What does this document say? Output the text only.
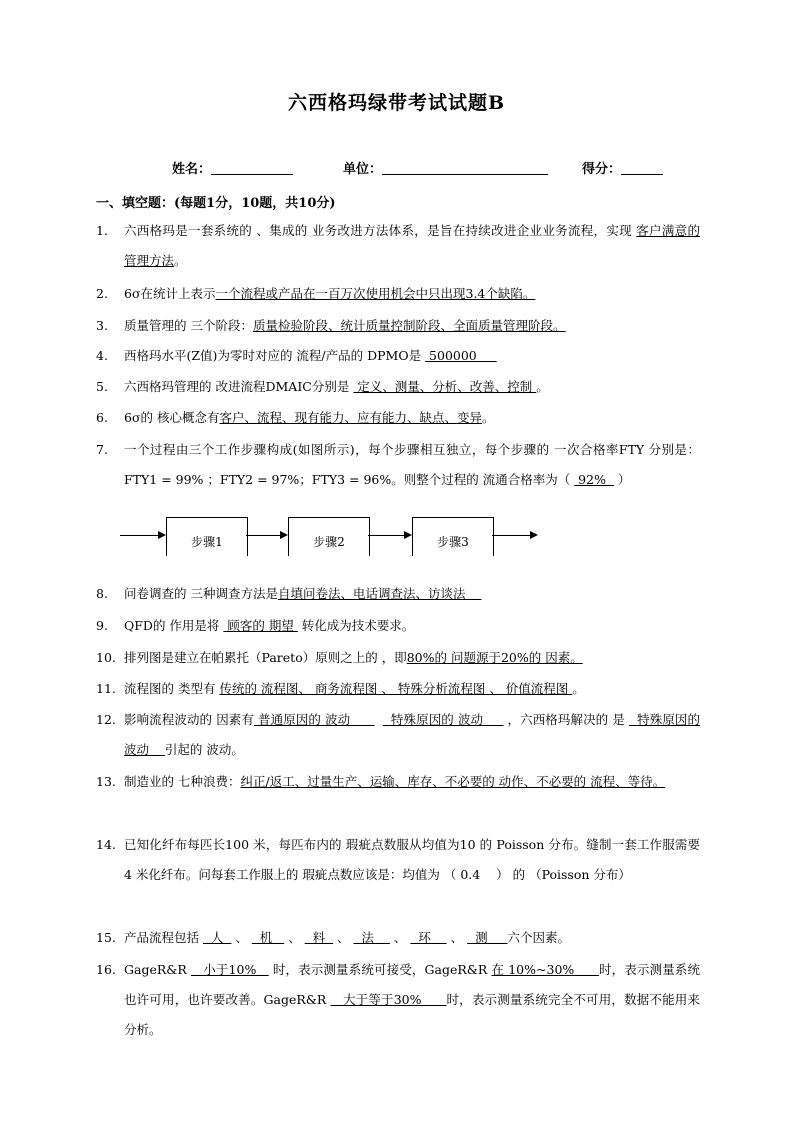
六西格玛绿带考试试题B
姓名：	单位：	得分：
一、填空题：(每题1分，10题，共10分)
1.	六西格玛是一套系统的 、集成的 业务改进方法体系，是旨在持续改进企业业务流程，实现 客户满意的 管理方法。
2.	6σ在统计上表示一个流程或产品在一百万次使用机会中只出现3.4个缺陷。
3.	质量管理的 三个阶段：质量检验阶段、统计质量控制阶段、全面质量管理阶段。
4.	西格玛水平(Z值)为零时对应的 流程/产品的 DPMO是  500000
5.	六西格玛管理的 改进流程DMAIC分别是  定义、测量、分析、改善、控制 。
6.	6σ的 核心概念有客户、流程、现有能力、应有能力、缺点、变异。
7.	一个过程由三个工作步骤构成(如图所示)，每个步骤相互独立，每个步骤的 一次合格率FTY 分别是：FTY1 = 99% ；FTY2 = 97%；FTY3 = 96%。则整个过程的 流通合格率为（  92%   ）
步骤1	步骤2	步骤3
8.	问卷调查的 三种调查方法是自填问卷法、电话调查法、访谈法
9.	QFD的 作用是将  顾客的 期望  转化成为技术要求。
10. 排列图是建立在帕累托（Pareto）原则之上的 ，即80%的 问题源于20%的 因素。
11. 流程图的 类型有 传统的 流程图、 商务流程图 、 特殊分析流程图 、 价值流程图 。
12. 影响流程波动的 因素有 普通原因的 波动          特殊原因的 波动      ，六西格玛解决的 是   特殊原因的 波动    引起的 波动。
13. 制造业的 七种浪费：纠正/返工、过量生产、运输、库存、不必要的 动作、不必要的 流程、等待。
14. 已知化纤布每匹长100 米，每匹布内的 瑕疵点数服从均值为10 的 Poisson 分布。缝制一套工作服需要4 米化纤布。问每套工作服上的 瑕疵点数应该是：均值为 （ 0.4    ） 的 （Poisson 分布）
15. 产品流程包括   人   、   机    、   料   、   法     、   环     、   测     六个因素。
16. GageR&R    小于10%    时，表示测量系统可接受，GageR&R 在 10%~30%      时，表示测量系统也许可用，也许要改善。GageR&R    大于等于30%      时，表示测量系统完全不可用，数据不能用来分析。
